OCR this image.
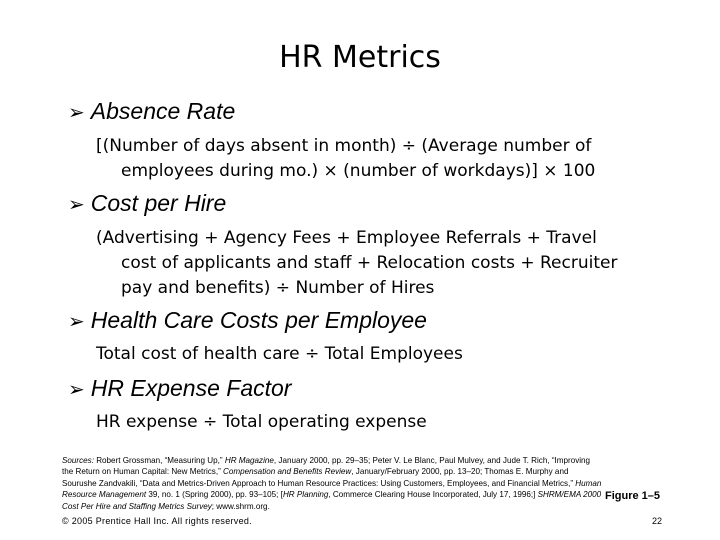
HR Metrics
➢ Absence Rate
[(Number of days absent in month) ÷ (Average number of
employees during mo.) × (number of workdays)] × 100
➢ Cost per Hire
(Advertising + Agency Fees + Employee Referrals + Travel
cost of applicants and staff + Relocation costs + Recruiter
pay and benefits) ÷ Number of Hires
➢ Health Care Costs per Employee
Total cost of health care ÷ Total Employees
➢ HR Expense Factor
HR expense ÷ Total operating expense
Sources: Robert Grossman, “Measuring Up,” HR Magazine, January 2000, pp. 29–35; Peter V. Le Blanc, Paul Mulvey, and Jude T. Rich, “Improving the Return on Human Capital: New Metrics,” Compensation and Benefits Review, January/February 2000, pp. 13–20; Thomas E. Murphy and Sourushe Zandvakili, “Data and Metrics-Driven Approach to Human Resource Practices: Using Customers, Employees, and Financial Metrics,” Human Resource Management 39, no. 1 (Spring 2000), pp. 93–105; [HR Planning, Commerce Clearing House Incorporated, July 17, 1996;] SHRM/EMA 2000 Cost Per Hire and Staffing Metrics Survey; www.shrm.org.
Figure 1–5
© 2005 Prentice Hall Inc. All rights reserved.	22
